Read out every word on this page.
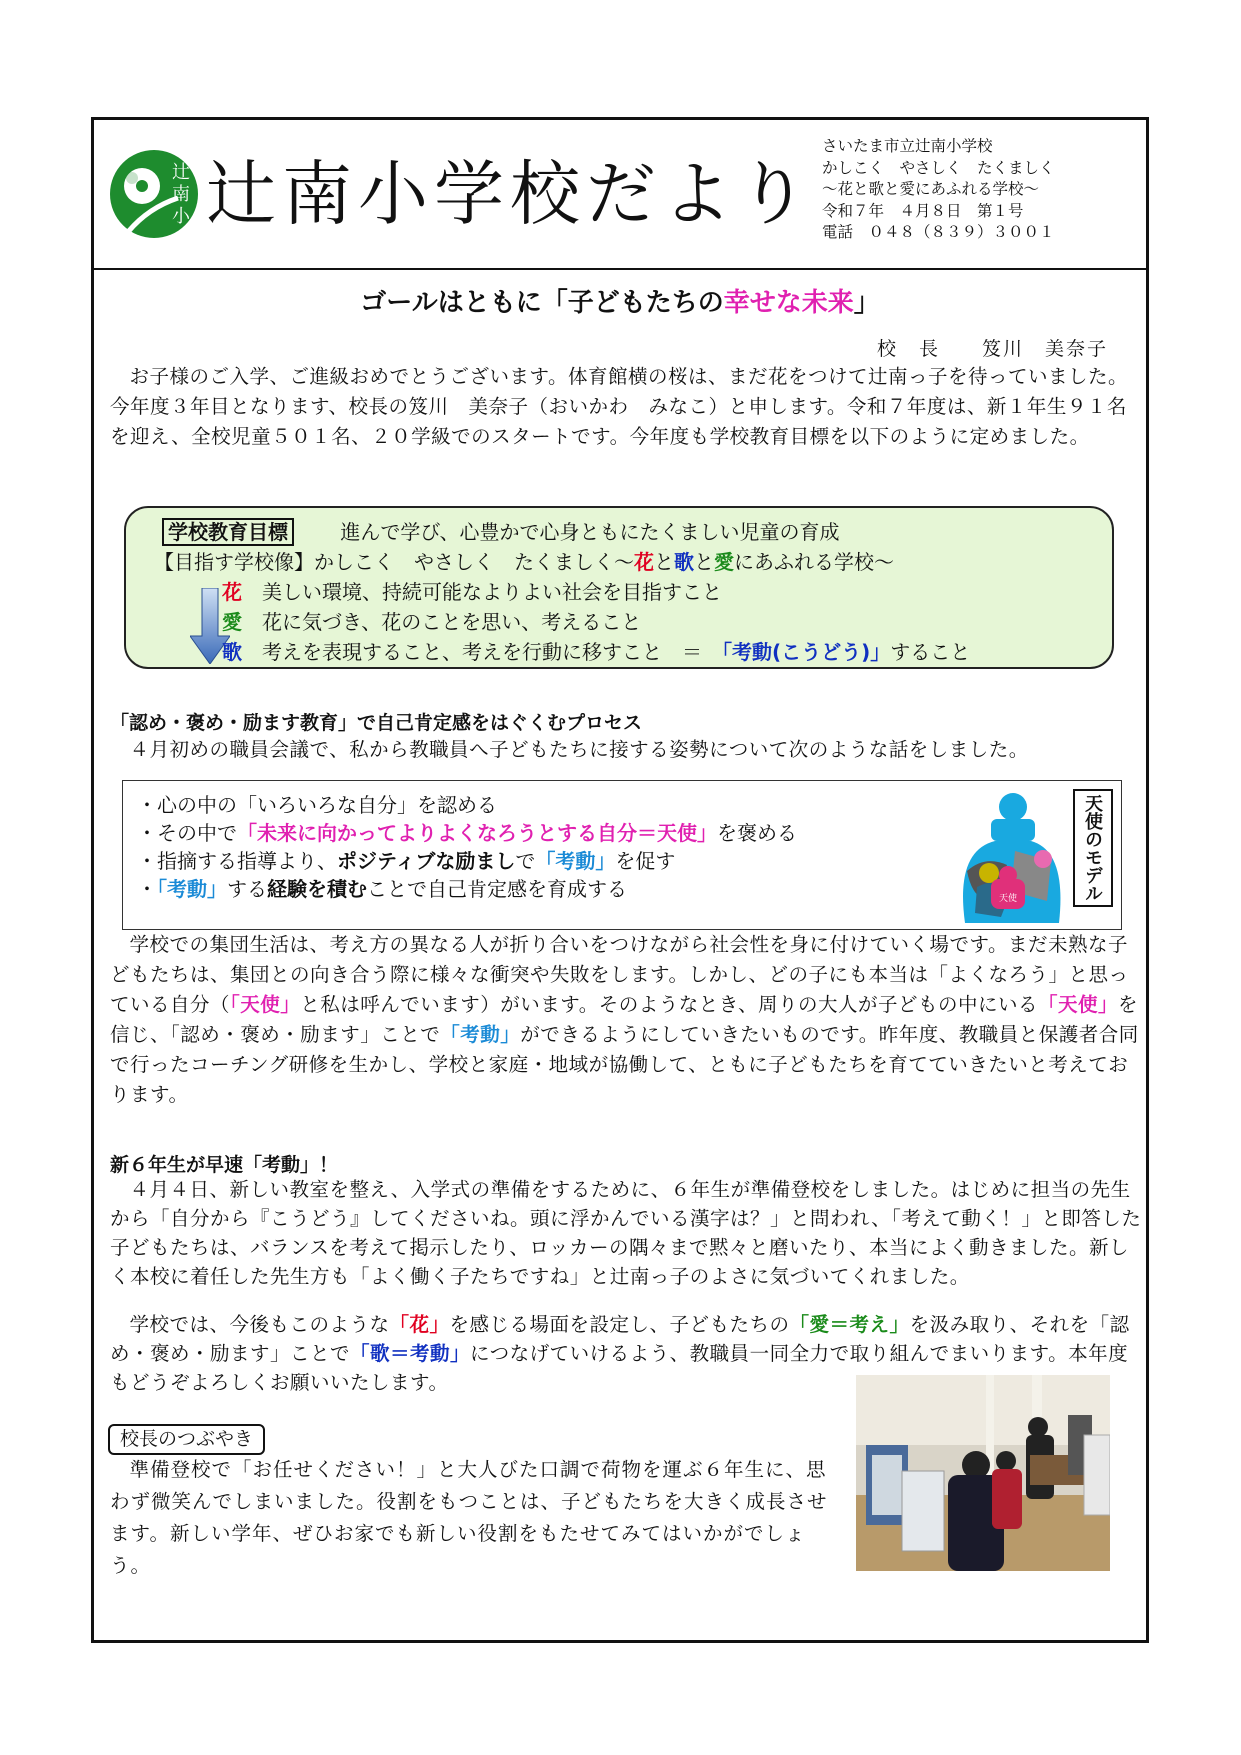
辻
南
小 辻南小学校だより
さいたま市立辻南小学校
かしこく　やさしく　たくましく
〜花と歌と愛にあふれる学校〜
令和７年　４月８日　第１号
電話　０４８（８３９）３００１
ゴールはともに「子どもたちの幸せな未来」
校　長　　笈川　美奈子

お子様のご入学、ご進級おめでとうございます。体育館横の桜は、まだ花をつけて辻南っ子を待っていました。今年度３年目となります、校長の笈川　美奈子（おいかわ　みなこ）と申します。令和７年度は、新１年生９１名を迎え、全校児童５０１名、２０学級でのスタートです。今年度も学校教育目標を以下のように定めました。

学校教育目標	進んで学び、心豊かで心身ともにたくましい児童の育成
【目指す学校像】かしこく　やさしく　たくましく〜花と歌と愛にあふれる学校〜
花　 美しい環境、持続可能なよりよい社会を目指すこと
愛　 花に気づき、花のことを思い、考えること
歌　 考えを表現すること、考えを行動に移すこと　＝　「考動(こうどう)」すること
「認め・褒め・励ます教育」で自己肯定感をはぐくむプロセス

４月初めの職員会議で、私から教職員へ子どもたちに接する姿勢について次のような話をしました。

・心の中の「いろいろな自分」を認める
・その中で「未来に向かってよりよくなろうとする自分＝天使」を褒める
・指摘する指導より、ポジティブな励ましで「考動」を促す
・「考動」する経験を積むことで自己肯定感を育成する	天使	天使のモデル

学校での集団生活は、考え方の異なる人が折り合いをつけながら社会性を身に付けていく場です。まだ未熟な子どもたちは、集団との向き合う際に様々な衝突や失敗をします。しかし、どの子にも本当は「よくなろう」と思っている自分（「天使」と私は呼んでいます）がいます。そのようなとき、周りの大人が子どもの中にいる「天使」を信じ、「認め・褒め・励ます」ことで「考動」ができるようにしていきたいものです。昨年度、教職員と保護者合同で行ったコーチング研修を生かし、学校と家庭・地域が協働して、ともに子どもたちを育てていきたいと考えております。

新６年生が早速「考動」！

４月４日、新しい教室を整え、入学式の準備をするために、６年生が準備登校をしました。はじめに担当の先生から「自分から『こうどう』してくださいね。頭に浮かんでいる漢字は？」と問われ、「考えて動く！」と即答した子どもたちは、バランスを考えて掲示したり、ロッカーの隅々まで黙々と磨いたり、本当によく動きました。新しく本校に着任した先生方も「よく働く子たちですね」と辻南っ子のよさに気づいてくれました。

学校では、今後もこのような「花」を感じる場面を設定し、子どもたちの「愛＝考え」を汲み取り、それを「認め・褒め・励ます」ことで「歌＝考動」につなげていけるよう、教職員一同全力で取り組んでまいります。本年度もどうぞよろしくお願いいたします。

校長のつぶやき

準備登校で「お任せください！」と大人びた口調で荷物を運ぶ６年生に、思わず微笑んでしまいました。役割をもつことは、子どもたちを大きく成長させます。新しい学年、ぜひお家でも新しい役割をもたせてみてはいかがでしょう。
